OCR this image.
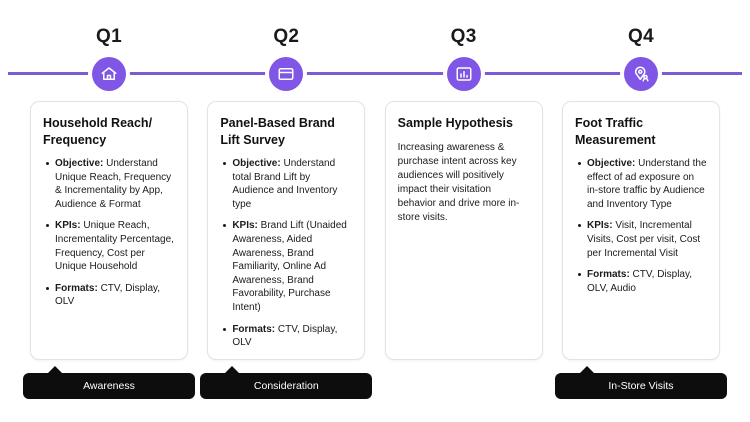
Q1
Household Reach/ Frequency
Objective: Understand Unique Reach, Frequency & Incrementality by App, Audience & Format
KPIs: Unique Reach, Incrementality Percentage, Frequency, Cost per Unique Household
Formats: CTV, Display, OLV
Awareness
Q2
Panel-Based Brand Lift Survey
Objective: Understand total Brand Lift by Audience and Inventory type
KPIs: Brand Lift (Unaided Awareness, Aided Awareness, Brand Familiarity, Online Ad Awareness, Brand Favorability, Purchase Intent)
Formats: CTV, Display, OLV
Consideration
Q3
Sample Hypothesis
Increasing awareness & purchase intent across key audiences will positively impact their visitation behavior and drive more in-store visits.
Q4
Foot Traffic Measurement
Objective: Understand the effect of ad exposure on in-store traffic by Audience and Inventory Type
KPIs: Visit, Incremental Visits, Cost per visit, Cost per Incremental Visit
Formats: CTV, Display, OLV, Audio
In-Store Visits
